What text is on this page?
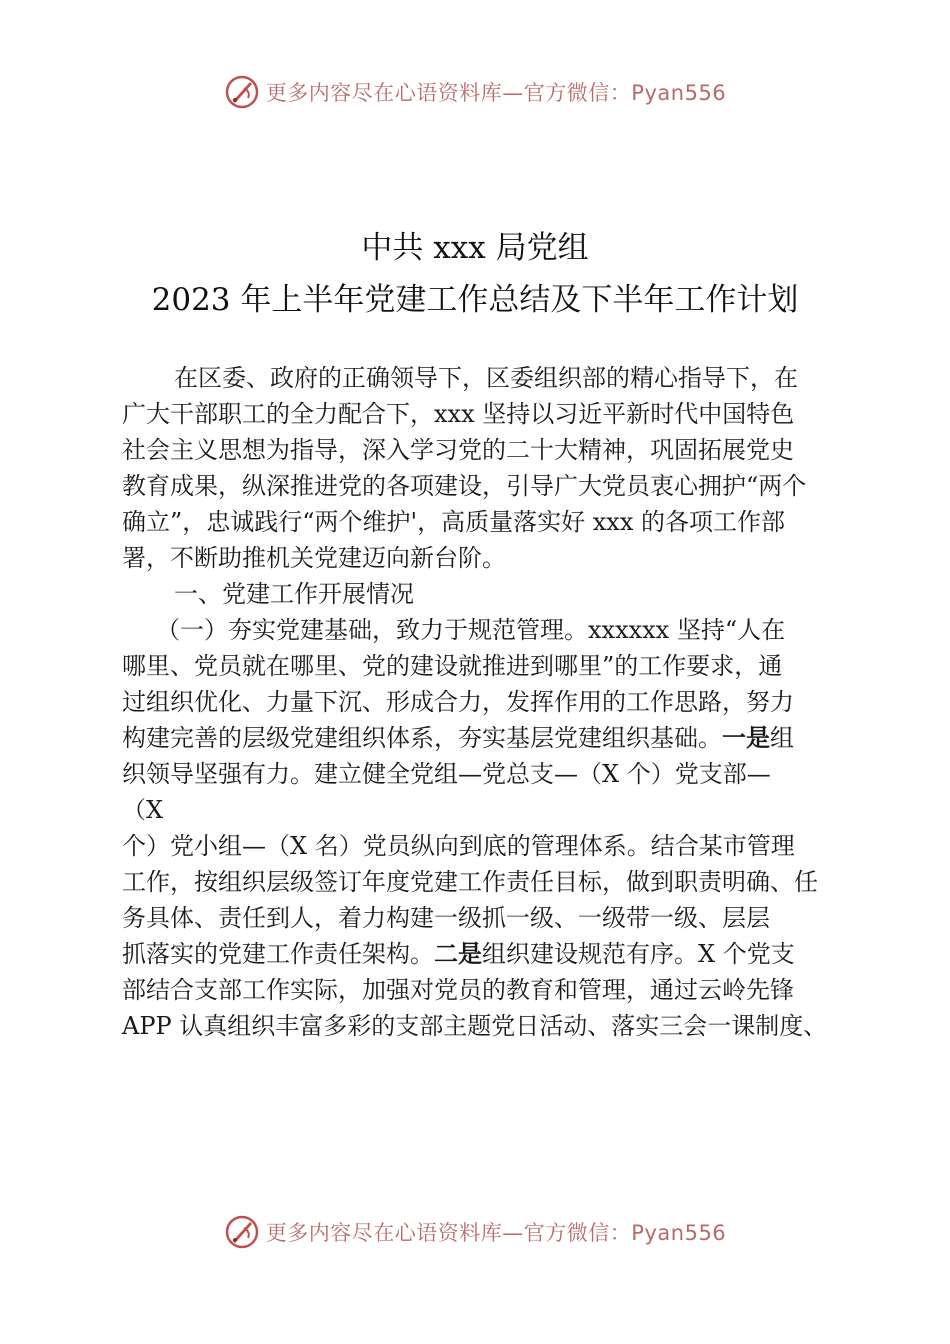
更多内容尽在心语资料库—官方微信：Pyan556
中共 xxx 局党组
2023 年上半年党建工作总结及下半年工作计划
在区委、政府的正确领导下，区委组织部的精心指导下，在
广大干部职工的全力配合下，xxx 坚持以习近平新时代中国特色
社会主义思想为指导，深入学习党的二十大精神，巩固拓展党史
教育成果，纵深推进党的各项建设，引导广大党员衷心拥护“两个
确立”，忠诚践行“两个维护'，高质量落实好 xxx 的各项工作部
署，不断助推机关党建迈向新台阶。
一、党建工作开展情况
（一）夯实党建基础，致力于规范管理。xxxxxx 坚持“人在
哪里、党员就在哪里、党的建设就推进到哪里”的工作要求，通
过组织优化、力量下沉、形成合力，发挥作用的工作思路，努力
构建完善的层级党建组织体系，夯实基层党建组织基础。一是组
织领导坚强有力。建立健全党组—党总支—（X 个）党支部—
（X
个）党小组—（X 名）党员纵向到底的管理体系。结合某市管理
工作，按组织层级签订年度党建工作责任目标，做到职责明确、任
务具体、责任到人，着力构建一级抓一级、一级带一级、层层
抓落实的党建工作责任架构。二是组织建设规范有序。X 个党支
部结合支部工作实际，加强对党员的教育和管理，通过云岭先锋
APP 认真组织丰富多彩的支部主题党日活动、落实三会一课制度、
更多内容尽在心语资料库—官方微信：Pyan556
